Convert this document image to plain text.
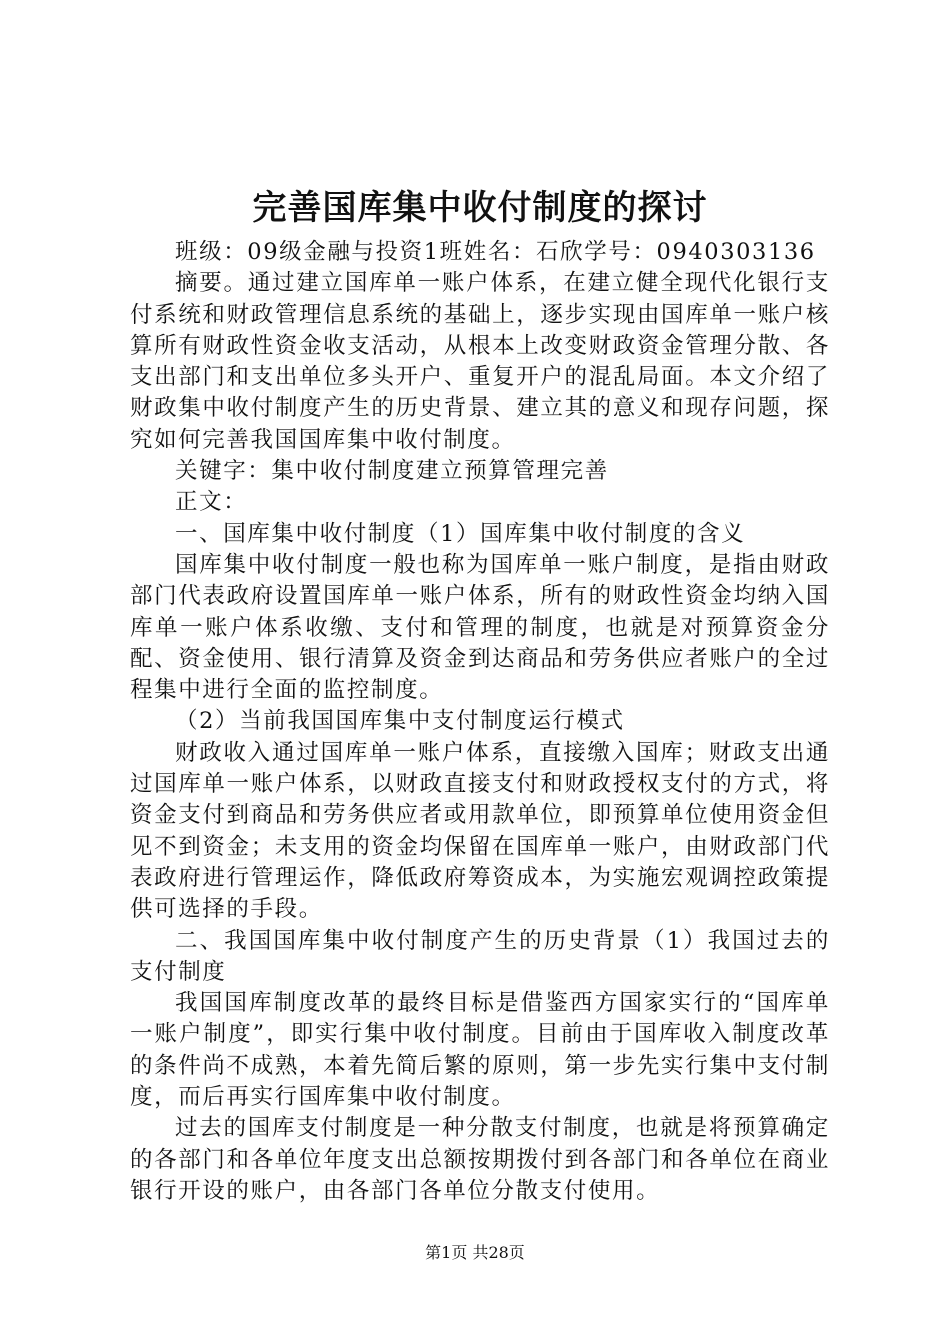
完善国库集中收付制度的探讨

班级：09级金融与投资1班姓名：石欣学号：0940303136

摘要。通过建立国库单一账户体系，在建立健全现代化银行支付系统和财政管理信息系统的基础上，逐步实现由国库单一账户核算所有财政性资金收支活动，从根本上改变财政资金管理分散、各支出部门和支出单位多头开户、重复开户的混乱局面。本文介绍了财政集中收付制度产生的历史背景、建立其的意义和现存问题，探究如何完善我国国库集中收付制度。

关键字：集中收付制度建立预算管理完善

正文：

一、国库集中收付制度（1）国库集中收付制度的含义

国库集中收付制度一般也称为国库单一账户制度，是指由财政部门代表政府设置国库单一账户体系，所有的财政性资金均纳入国库单一账户体系收缴、支付和管理的制度，也就是对预算资金分配、资金使用、银行清算及资金到达商品和劳务供应者账户的全过程集中进行全面的监控制度。

（2）当前我国国库集中支付制度运行模式

财政收入通过国库单一账户体系，直接缴入国库；财政支出通过国库单一账户体系，以财政直接支付和财政授权支付的方式，将资金支付到商品和劳务供应者或用款单位，即预算单位使用资金但见不到资金；未支用的资金均保留在国库单一账户，由财政部门代表政府进行管理运作，降低政府筹资成本，为实施宏观调控政策提供可选择的手段。

二、我国国库集中收付制度产生的历史背景（1）我国过去的支付制度

我国国库制度改革的最终目标是借鉴西方国家实行的“国库单一账户制度”，即实行集中收付制度。目前由于国库收入制度改革的条件尚不成熟，本着先简后繁的原则，第一步先实行集中支付制度，而后再实行国库集中收付制度。

过去的国库支付制度是一种分散支付制度，也就是将预算确定的各部门和各单位年度支出总额按期拨付到各部门和各单位在商业银行开设的账户，由各部门各单位分散支付使用。

第1页 共28页
